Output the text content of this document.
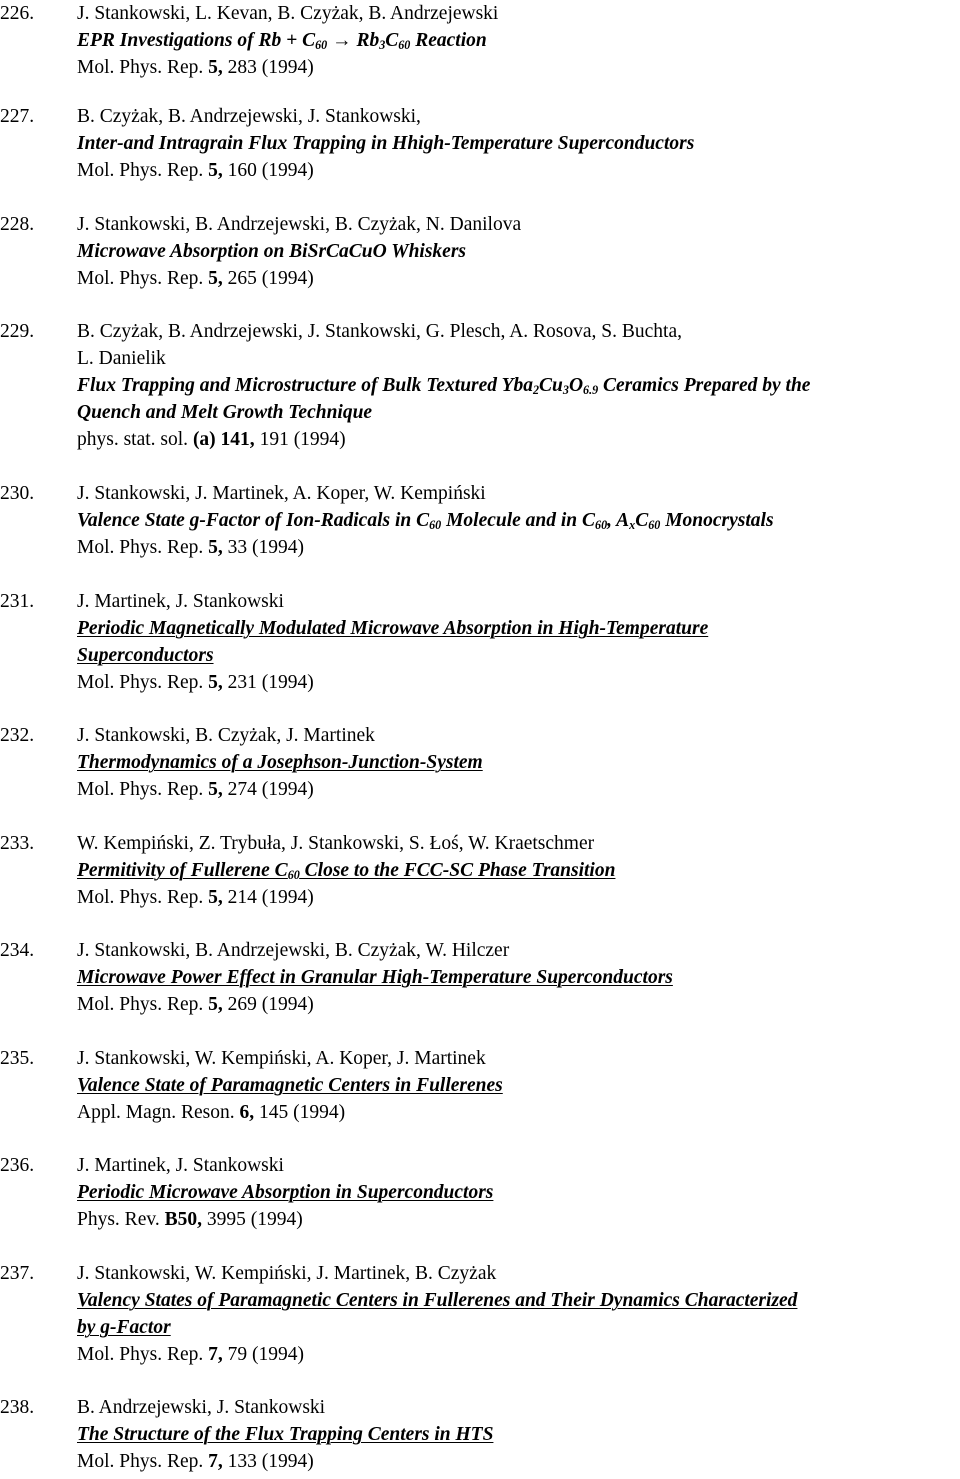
226. J. Stankowski, L. Kevan, B. Czyżak, B. Andrzejewski
EPR Investigations of $Rb + C_{60} \to Rb_3C_{60}$ Reaction
Mol. Phys. Rep. 5, 283 (1994)
227. B. Czyżak, B. Andrzejewski, J. Stankowski,
Inter-and Intragrain Flux Trapping in Hhigh-Temperature Superconductors
Mol. Phys. Rep. 5, 160 (1994)
228. J. Stankowski, B. Andrzejewski, B. Czyżak, N. Danilova
Microwave Absorption on BiSrCaCuO Whiskers
Mol. Phys. Rep. 5, 265 (1994)
229. B. Czyżak, B. Andrzejewski, J. Stankowski, G. Plesch, A. Rosova, S. Buchta,
L. Danielik
Flux Trapping and Microstructure of Bulk Textured $Yba_2Cu_3O_{6.9}$ Ceramics Prepared by the
Quench and Melt Growth Technique
phys. stat. sol. (a) 141, 191 (1994)
230. J. Stankowski, J. Martinek, A. Koper, W. Kempiński
Valence State g-Factor of Ion-Radicals in $C_{60}$ Molecule and in $C_{60}$, $A_xC_{60}$ Monocrystals
Mol. Phys. Rep. 5, 33 (1994)
231. J. Martinek, J. Stankowski
Periodic Magnetically Modulated Microwave Absorption in High-Temperature
Superconductors
Mol. Phys. Rep. 5, 231 (1994)
232. J. Stankowski, B. Czyżak, J. Martinek
Thermodynamics of a Josephson-Junction-System
Mol. Phys. Rep. 5, 274 (1994)
233. W. Kempiński, Z. Trybuła, J. Stankowski, S. Łoś, W. Kraetschmer
Permitivity of Fullerene $C_{60}$ Close to the FCC-SC Phase Transition
Mol. Phys. Rep. 5, 214 (1994)
234. J. Stankowski, B. Andrzejewski, B. Czyżak, W. Hilczer
Microwave Power Effect in Granular High-Temperature Superconductors
Mol. Phys. Rep. 5, 269 (1994)
235. J. Stankowski, W. Kempiński, A. Koper, J. Martinek
Valence State of Paramagnetic Centers in Fullerenes
Appl. Magn. Reson. 6, 145 (1994)
236. J. Martinek, J. Stankowski
Periodic Microwave Absorption in Superconductors
Phys. Rev. B50, 3995 (1994)
237. J. Stankowski, W. Kempiński, J. Martinek, B. Czyżak
Valency States of Paramagnetic Centers in Fullerenes and Their Dynamics Characterized
by g-Factor
Mol. Phys. Rep. 7, 79 (1994)
238. B. Andrzejewski, J. Stankowski
The Structure of the Flux Trapping Centers in HTS
Mol. Phys. Rep. 7, 133 (1994)
